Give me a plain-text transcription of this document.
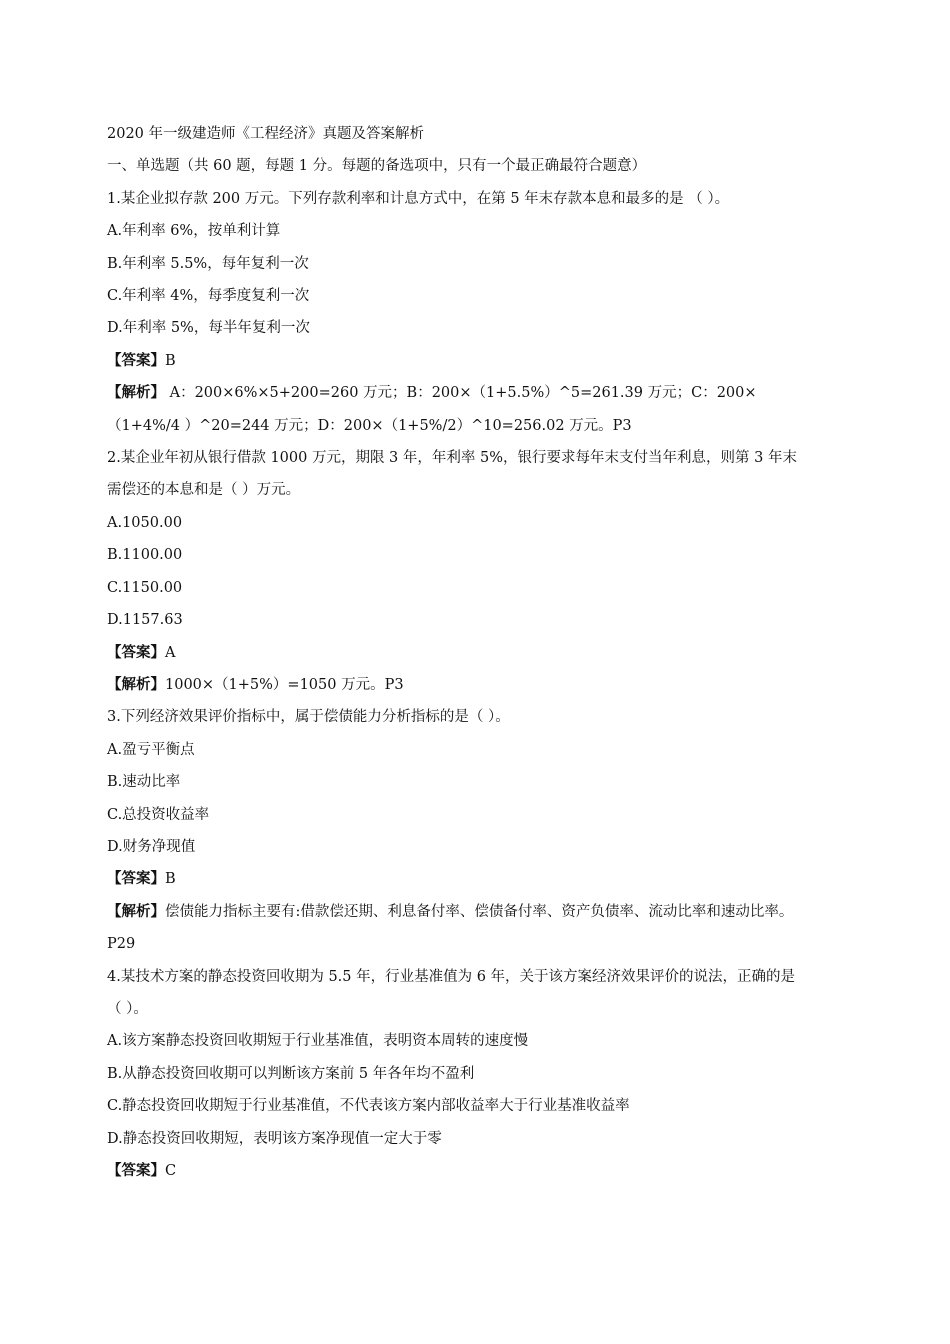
2020 年一级建造师《工程经济》真题及答案解析
一、单选题（共 60 题，每题 1 分。每题的备选项中，只有一个最正确最符合题意）
1.某企业拟存款 200 万元。下列存款利率和计息方式中，在第 5 年末存款本息和最多的是 （ ）。
A.年利率 6%，按单利计算
B.年利率 5.5%，每年复利一次
C.年利率 4%，每季度复利一次
D.年利率 5%，每半年复利一次
【答案】B
【解析】 A：200×6%×5+200=260 万元；B：200×（1+5.5%）^5=261.39 万元；C：200×（1+4%/4 ）^20=244 万元；D：200×（1+5%/2）^10=256.02 万元。P3
2.某企业年初从银行借款 1000 万元，期限 3 年，年利率 5%，银行要求每年末支付当年利息，则第 3 年末需偿还的本息和是（ ）万元。
A.1050.00
B.1100.00
C.1150.00
D.1157.63
【答案】A
【解析】1000×（1+5%）=1050 万元。P3
3.下列经济效果评价指标中，属于偿债能力分析指标的是（ ）。
A.盈亏平衡点
B.速动比率
C.总投资收益率
D.财务净现值
【答案】B
【解析】偿债能力指标主要有:借款偿还期、利息备付率、偿债备付率、资产负债率、流动比率和速动比率。P29
4.某技术方案的静态投资回收期为 5.5 年，行业基准值为 6 年，关于该方案经济效果评价的说法，正确的是（ ）。
A.该方案静态投资回收期短于行业基准值，表明资本周转的速度慢
B.从静态投资回收期可以判断该方案前 5 年各年均不盈利
C.静态投资回收期短于行业基准值，不代表该方案内部收益率大于行业基准收益率
D.静态投资回收期短，表明该方案净现值一定大于零
【答案】C
